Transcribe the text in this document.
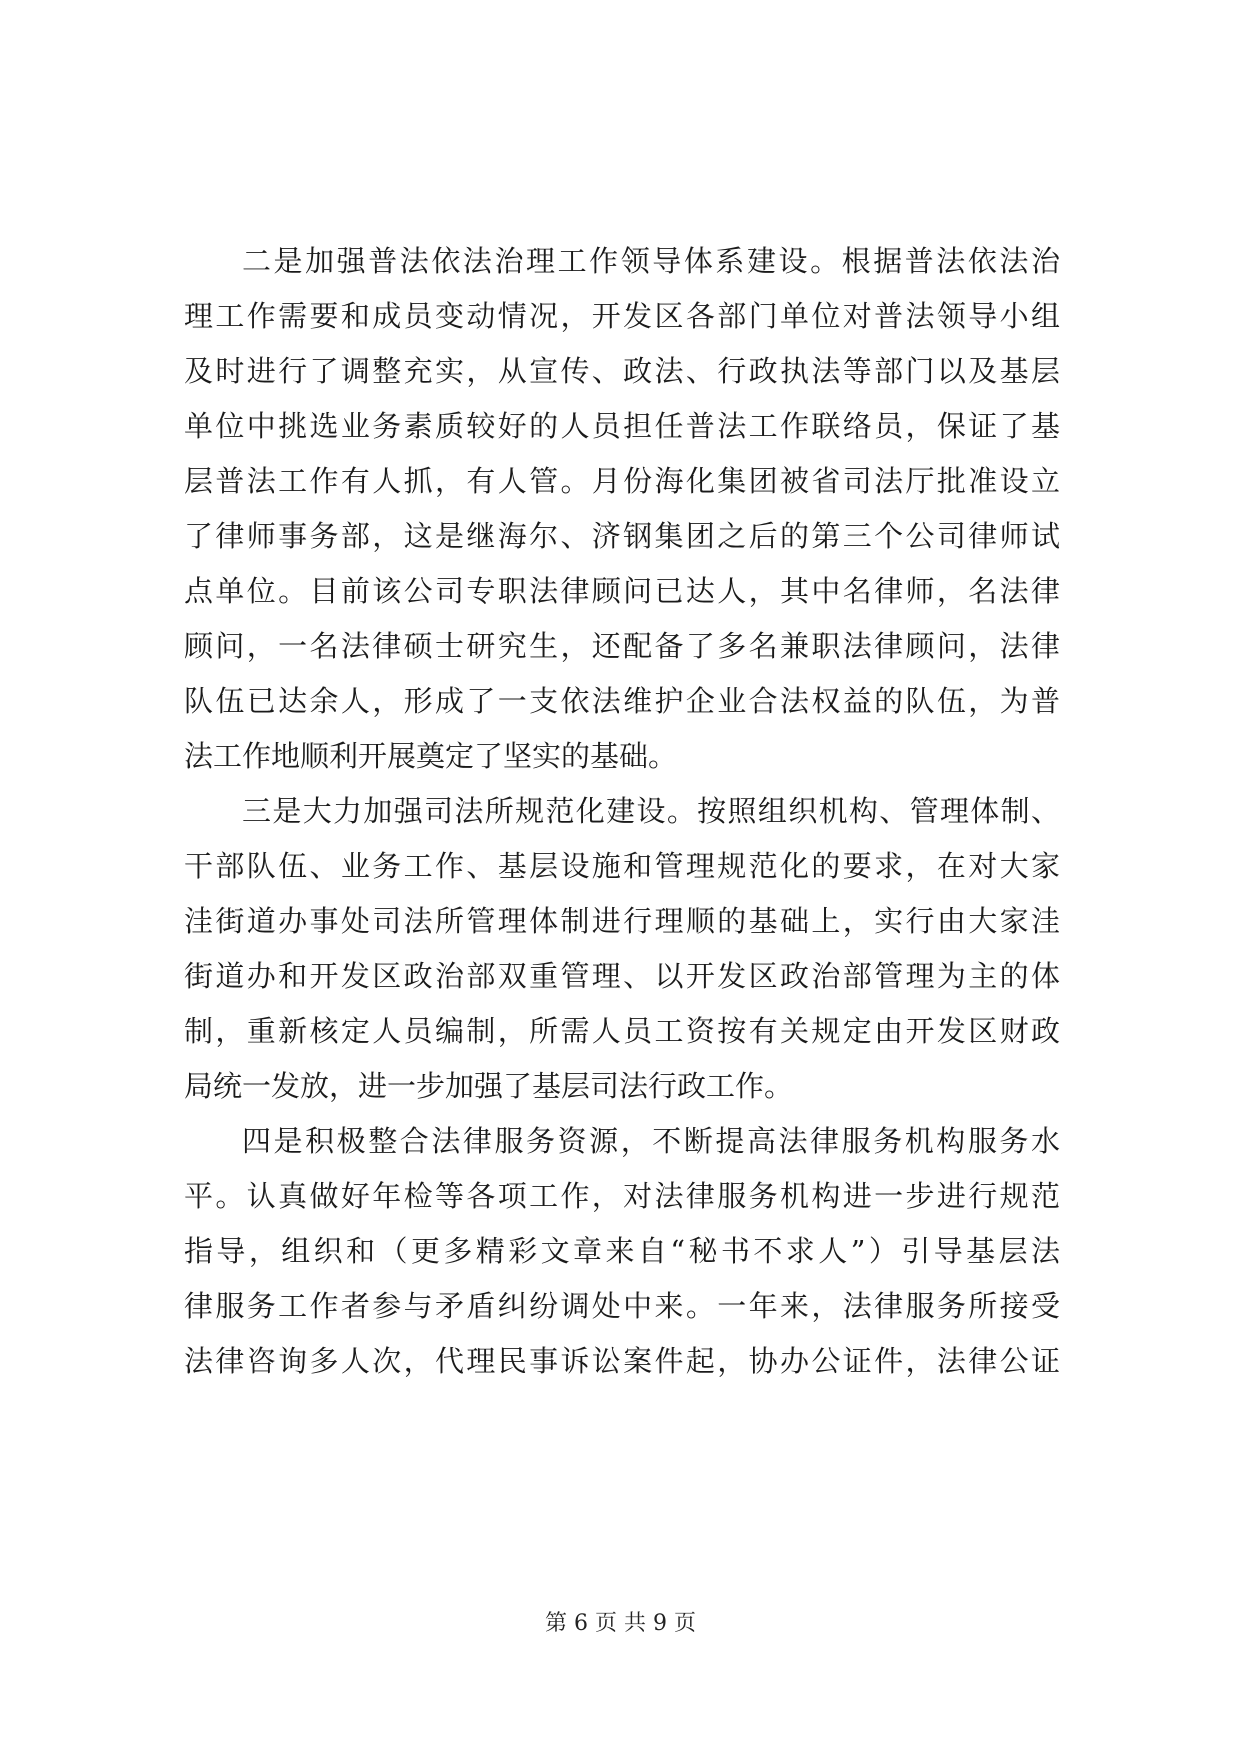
二是加强普法依法治理工作领导体系建设。根据普法依法治
理工作需要和成员变动情况，开发区各部门单位对普法领导小组
及时进行了调整充实，从宣传、政法、行政执法等部门以及基层
单位中挑选业务素质较好的人员担任普法工作联络员，保证了基
层普法工作有人抓，有人管。月份海化集团被省司法厅批准设立
了律师事务部，这是继海尔、济钢集团之后的第三个公司律师试
点单位。目前该公司专职法律顾问已达人，其中名律师，名法律
顾问，一名法律硕士研究生，还配备了多名兼职法律顾问，法律
队伍已达余人，形成了一支依法维护企业合法权益的队伍，为普
法工作地顺利开展奠定了坚实的基础。
三是大力加强司法所规范化建设。按照组织机构、管理体制、
干部队伍、业务工作、基层设施和管理规范化的要求，在对大家
洼街道办事处司法所管理体制进行理顺的基础上，实行由大家洼
街道办和开发区政治部双重管理、以开发区政治部管理为主的体
制，重新核定人员编制，所需人员工资按有关规定由开发区财政
局统一发放，进一步加强了基层司法行政工作。
四是积极整合法律服务资源，不断提高法律服务机构服务水
平。认真做好年检等各项工作，对法律服务机构进一步进行规范
指导，组织和（更多精彩文章来自“秘书不求人”）引导基层法
律服务工作者参与矛盾纠纷调处中来。一年来，法律服务所接受
法律咨询多人次，代理民事诉讼案件起，协办公证件，法律公证
第 6 页 共 9 页
